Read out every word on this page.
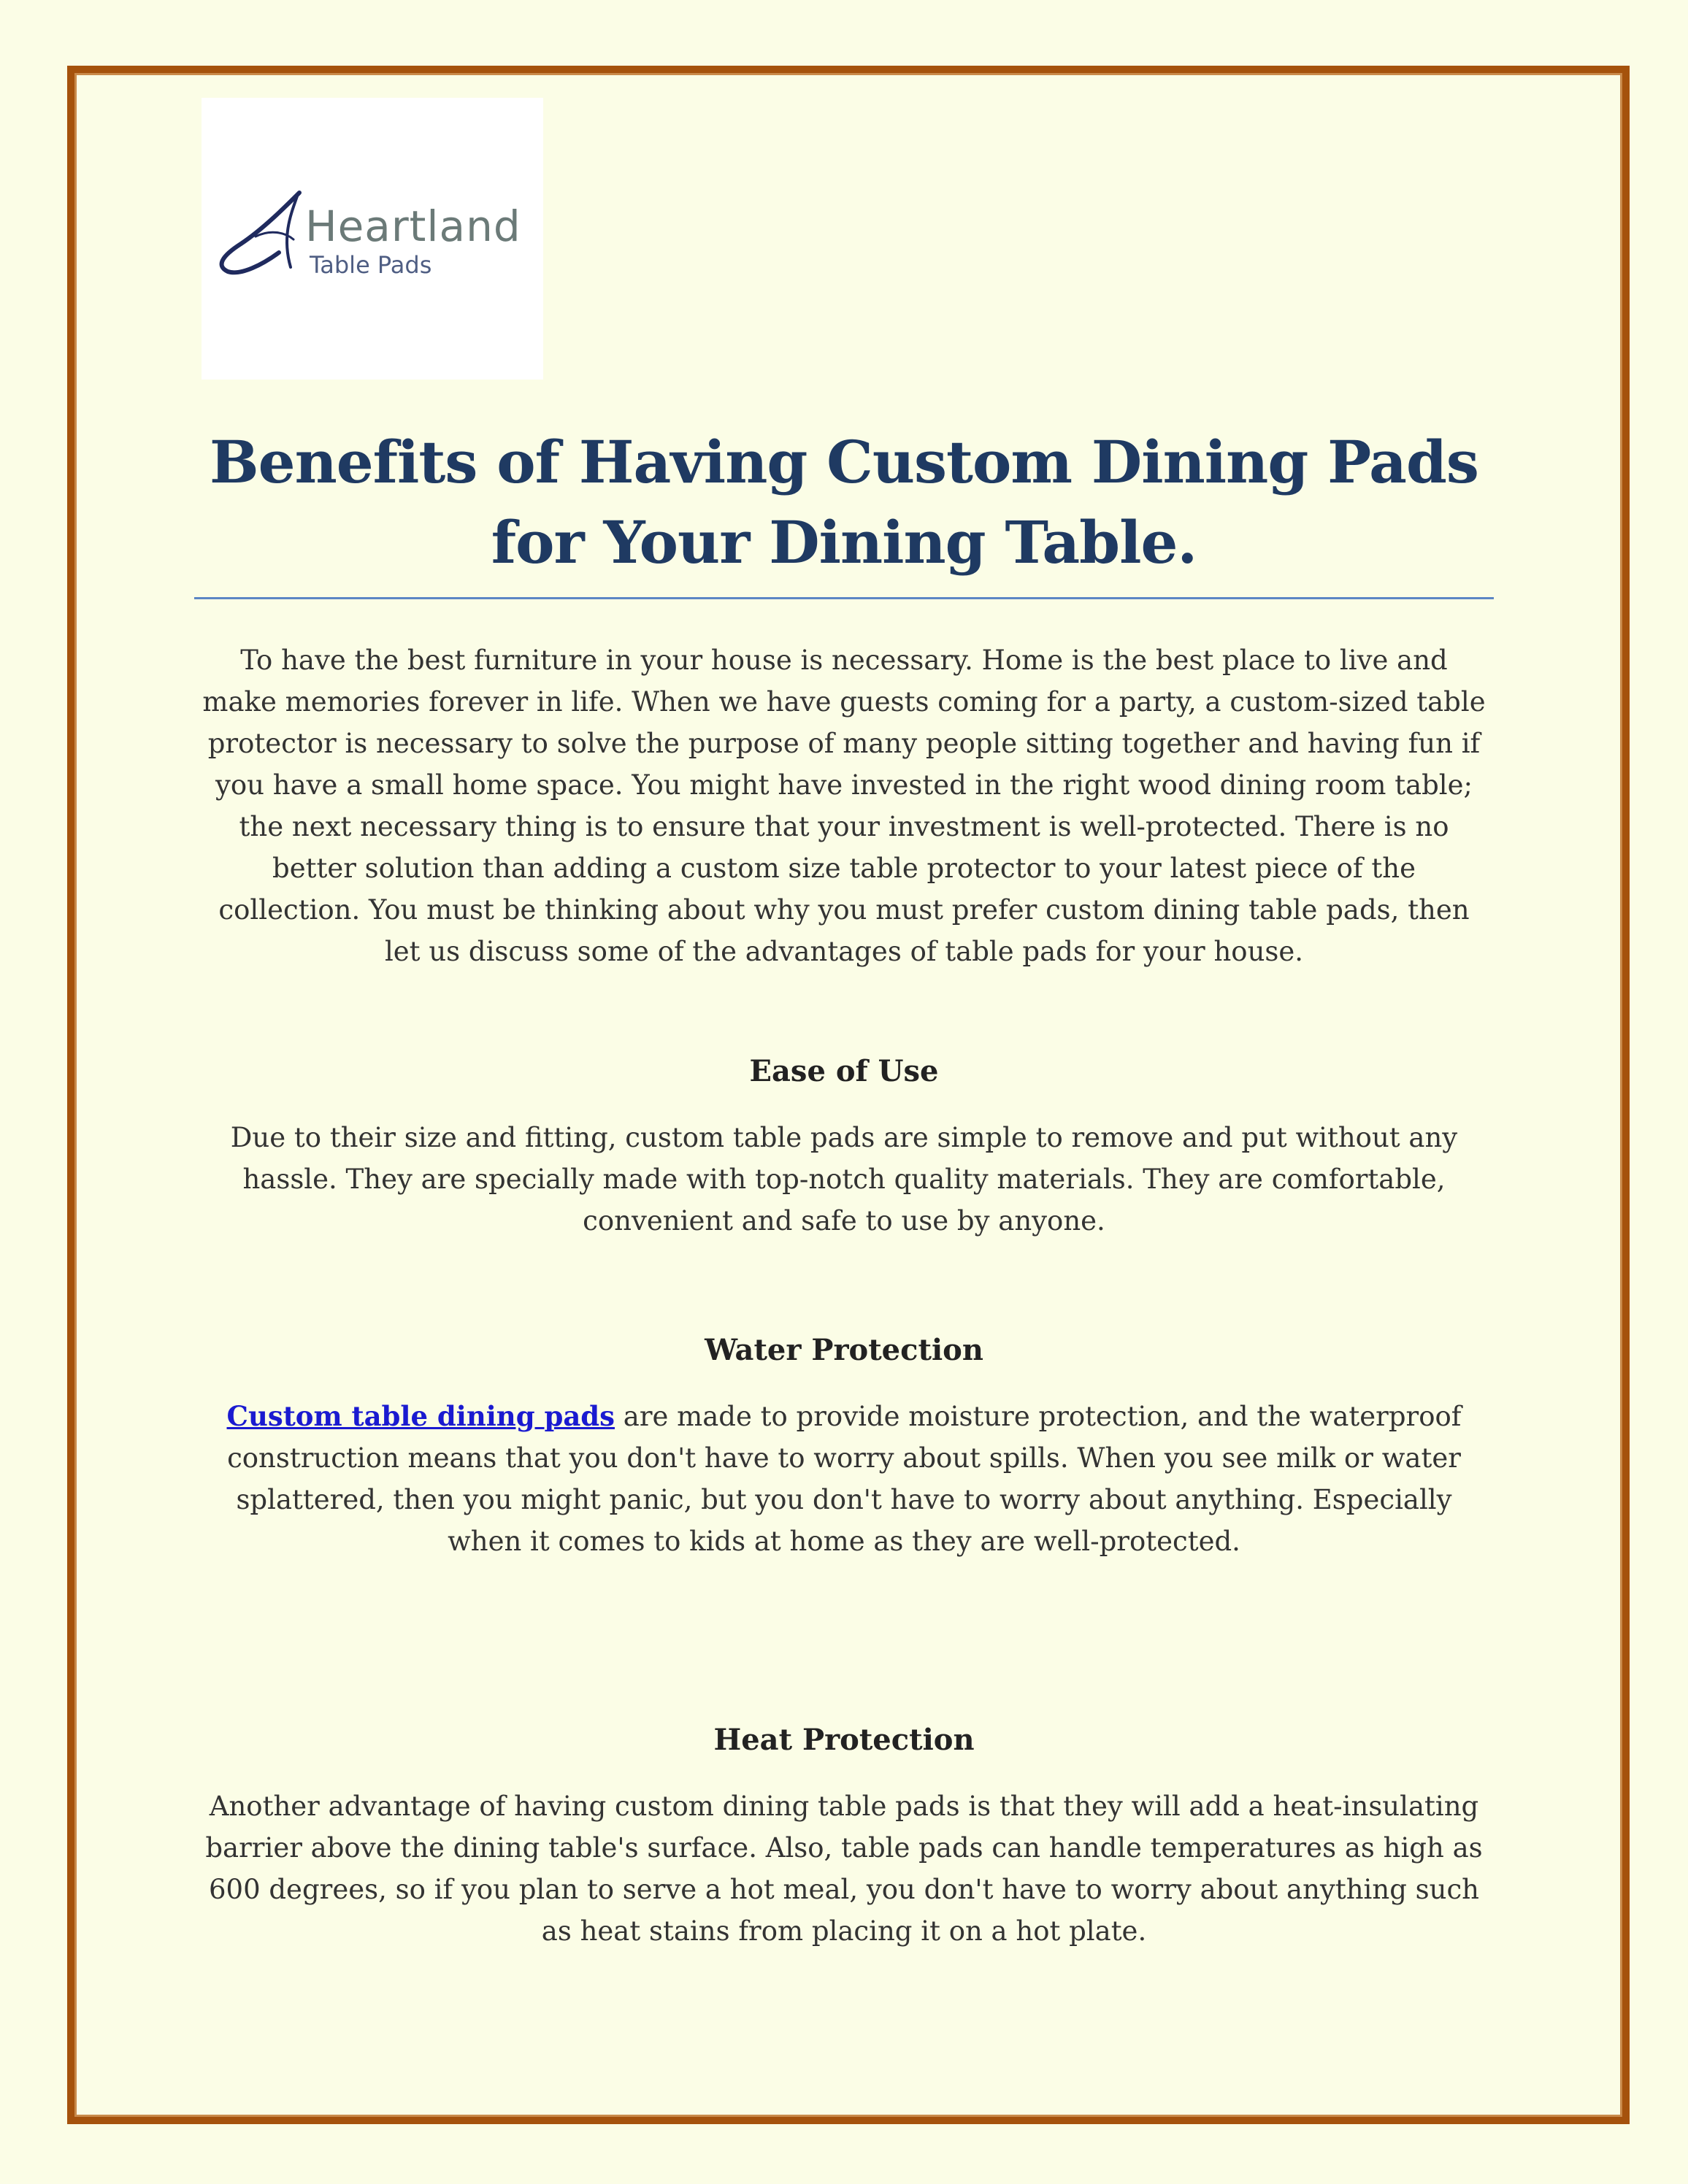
Heartland
Table Pads
Benefits of Having Custom Dining Pads for Your Dining Table.

To have the best furniture in your house is necessary. Home is the best place to live and make memories forever in life. When we have guests coming for a party, a custom-sized table protector is necessary to solve the purpose of many people sitting together and having fun if you have a small home space. You might have invested in the right wood dining room table; the next necessary thing is to ensure that your investment is well-protected. There is no better solution than adding a custom size table protector to your latest piece of the collection. You must be thinking about why you must prefer custom dining table pads, then let us discuss some of the advantages of table pads for your house.

Ease of Use

Due to their size and fitting, custom table pads are simple to remove and put without any hassle. They are specially made with top-notch quality materials. They are comfortable, convenient and safe to use by anyone.

Water Protection

Custom table dining pads are made to provide moisture protection, and the waterproof construction means that you don't have to worry about spills. When you see milk or water splattered, then you might panic, but you don't have to worry about anything. Especially when it comes to kids at home as they are well-protected.

Heat Protection

Another advantage of having custom dining table pads is that they will add a heat-insulating barrier above the dining table's surface. Also, table pads can handle temperatures as high as 600 degrees, so if you plan to serve a hot meal, you don't have to worry about anything such as heat stains from placing it on a hot plate.
